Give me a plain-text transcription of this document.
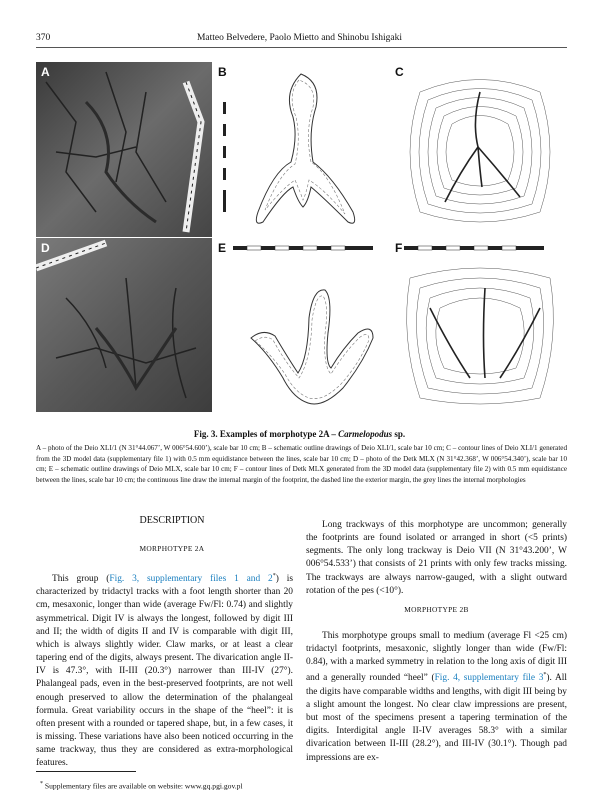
370	Matteo Belvedere, Paolo Mietto and Shinobu Ishigaki
A	B	C
D	E	F
Fig. 3. Examples of morphotype 2A – Carmelopodus sp.
A – photo of the Deio XLI/1 (N 31°44.067’, W 006°54.600’), scale bar 10 cm; B – schematic outline drawings of Deio XLI/1, scale bar 10 cm; C – contour lines of Deio XLI/1 generated from the 3D model data (supplementary file 1) with 0.5 mm equidistance between the lines, scale bar 10 cm; D – photo of the Detk MLX (N 31°42.368’, W 006°54.340’), scale bar 10 cm; E – schematic outline drawings of Deio MLX, scale bar 10 cm; F – contour lines of Detk MLX generated from the 3D model data (supplementary file 2) with 0.5 mm equidistance between the lines, scale bar 10 cm; the continuous line draw the internal margin of the footprint, the dashed line the exterior margin, the grey lines the internal morphologies
DESCRIPTION
MORPHOTYPE 2A

This group (Fig. 3, supplementary files 1 and 2*) is characterized by tridactyl tracks with a foot length shorter than 20 cm, mesaxonic, longer than wide (average Fw/Fl: 0.74) and slightly asymmetrical. Digit IV is always the longest, followed by digit III and II; the width of digits II and IV is comparable with digit III, which is always slightly wider. Claw marks, or at least a clear tapering end of the digits, always present. The divarication angle II-IV is 47.3°, with II-III (20.3°) narrower than III-IV (27°). Phalangeal pads, even in the best-preserved footprints, are not well enough preserved to allow the determination of the phalangeal formula. Great variability occurs in the shape of the “heel”: it is often present with a rounded or tapered shape, but, in a few cases, it is missing. These variations have also been noticed occurring in the same trackway, thus they are considered as extra-morphological features.

Long trackways of this morphotype are uncommon; generally the footprints are found isolated or arranged in short (<5 prints) segments. The only long trackway is Deio VII (N 31°43.200’, W 006°54.533’) that consists of 21 prints with only few tracks missing. The trackways are always narrow-gauged, with a slight outward rotation of the pes (<10°).

MORPHOTYPE 2B

This morphotype groups small to medium (average Fl <25 cm) tridactyl footprints, mesaxonic, slightly longer than wide (Fw/Fl: 0.84), with a marked symmetry in relation to the long axis of digit III and a generally rounded “heel” (Fig. 4, supplementary file 3*). All the digits have comparable widths and lengths, with digit III being by a slight amount the longest. No clear claw impressions are present, but most of the specimens present a tapering termination of the digits. Interdigital angle II-IV averages 58.3° with a similar divarication between II-III (28.2°), and III-IV (30.1°). Though pad impressions are ex-

* Supplementary files are available on website: www.gq.pgi.gov.pl
